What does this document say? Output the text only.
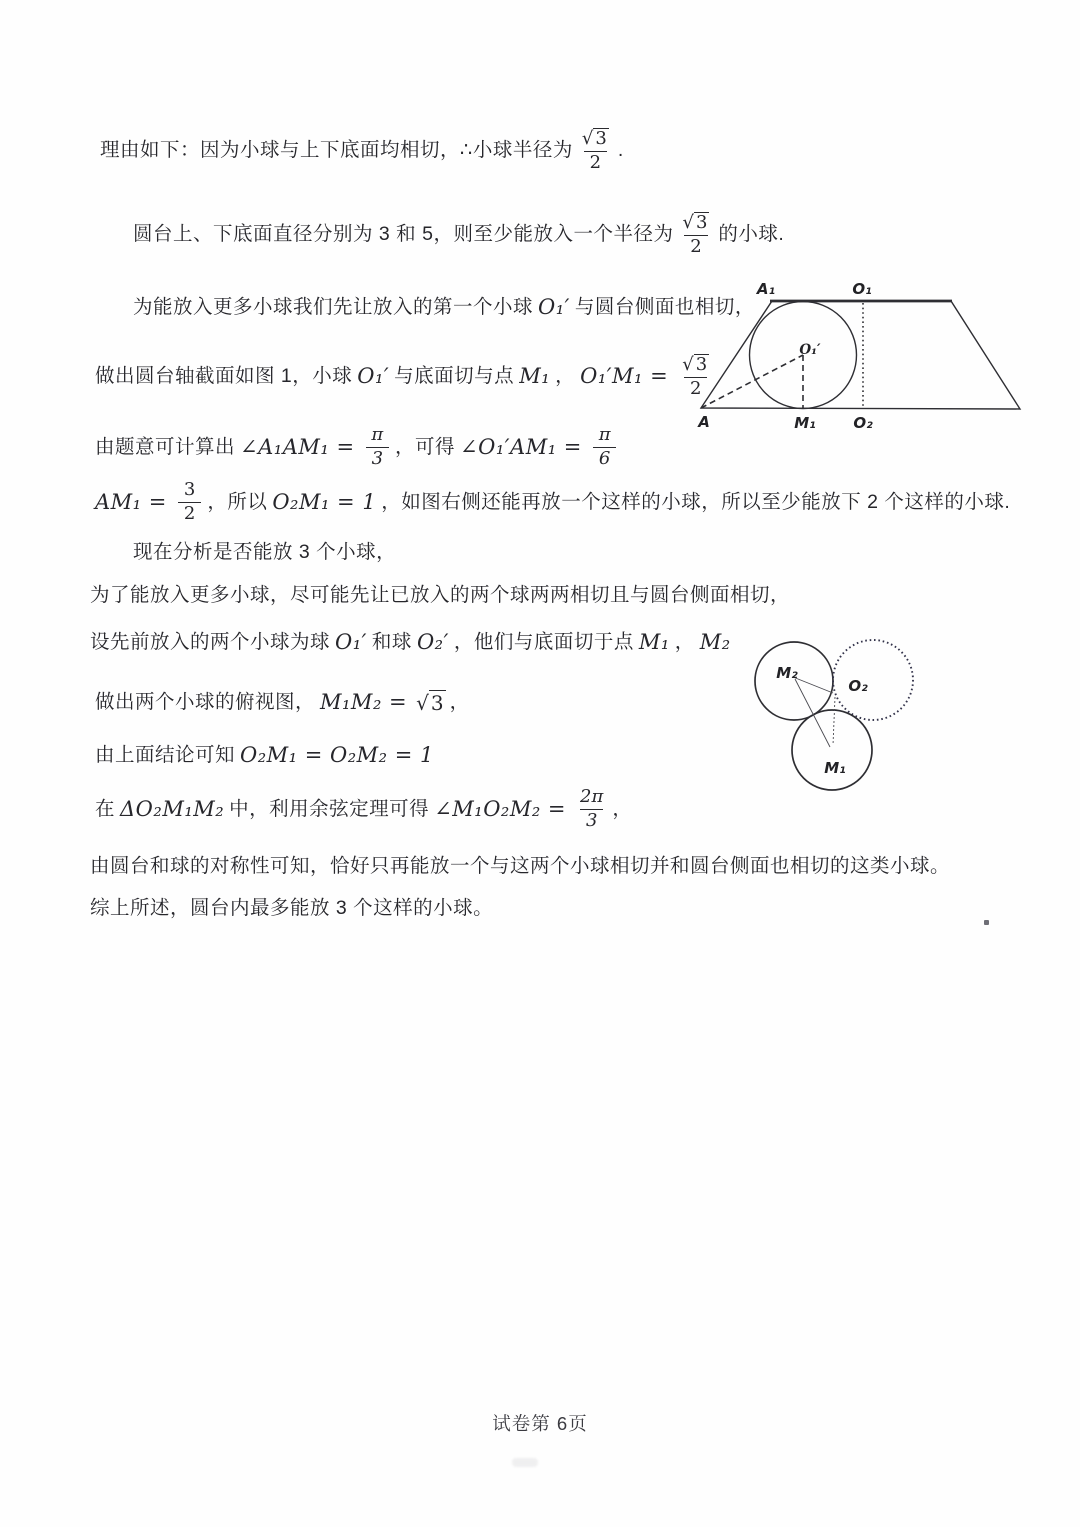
理由如下：因为小球与上下底面均相切，∴小球半径为 $\frac{√ 3}{2}$ .

圆台上、下底面直径分别为 3 和 5，则至少能放入一个半径为 $\frac{√ 3}{2}$ 的小球.

为能放入更多小球我们先让放入的第一个小球 O₁′ 与圆台侧面也相切，

做出圆台轴截面如图 1，小球 O₁′ 与底面切与点 M₁ ， $O_1'M_1 = \frac{√ 3}{2}$

由题意可计算出 ∠A₁AM₁ = $\frac{\pi}{3}$ ，可得 ∠O₁′AM₁ = $\frac{\pi}{6}$

$AM_1 = \frac{3}{2}$ ，所以 O₂M₁ = 1 ，如图右侧还能再放一个这样的小球，所以至少能放下 2 个这样的小球.

现在分析是否能放 3 个小球，

为了能放入更多小球，尽可能先让已放入的两个球两两相切且与圆台侧面相切，

设先前放入的两个小球为球 O₁′ 和球 O₂′ ，他们与底面切于点 M₁ ， M₂

做出两个小球的俯视图， M₁M₂ = √ 3 ，

由上面结论可知 O₂M₁ = O₂M₂ = 1

在 ΔO₂M₁M₂ 中，利用余弦定理可得 ∠M₁O₂M₂ = $\frac{2\pi}{3}$ ，

由圆台和球的对称性可知，恰好只再能放一个与这两个小球相切并和圆台侧面也相切的这类小球。

综上所述，圆台内最多能放 3 个这样的小球。

A₁	O₁
A	M₁	O₂
O₁′
M₂
O₂
M₁
试卷第 6页
